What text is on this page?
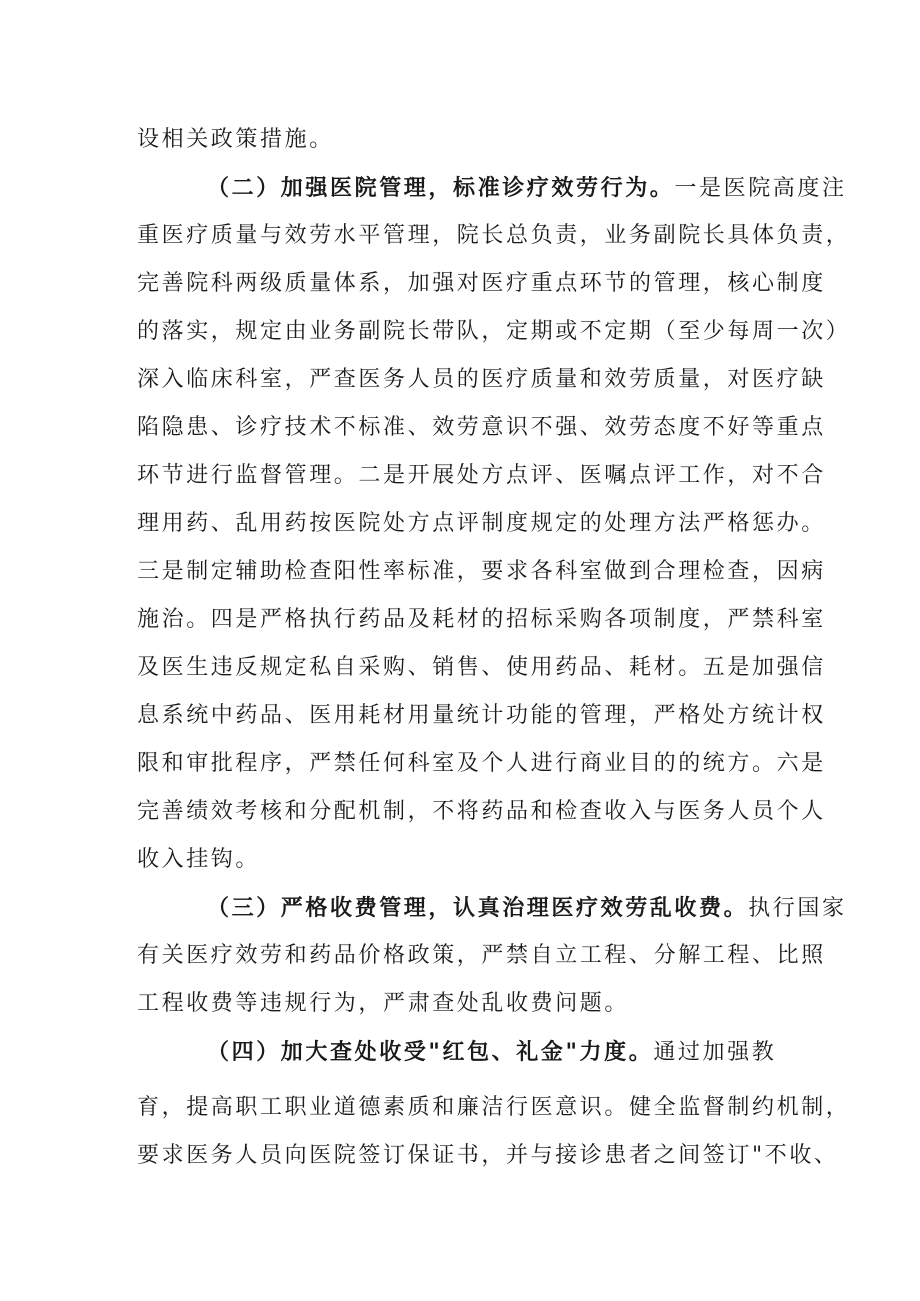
设相关政策措施。
（二）加强医院管理，标准诊疗效劳行为。一是医院高度注
重医疗质量与效劳水平管理，院长总负责，业务副院长具体负责，
完善院科两级质量体系，加强对医疗重点环节的管理，核心制度
的落实，规定由业务副院长带队，定期或不定期（至少每周一次）
深入临床科室，严查医务人员的医疗质量和效劳质量，对医疗缺
陷隐患、诊疗技术不标准、效劳意识不强、效劳态度不好等重点
环节进行监督管理。二是开展处方点评、医嘱点评工作，对不合
理用药、乱用药按医院处方点评制度规定的处理方法严格惩办。
三是制定辅助检查阳性率标准，要求各科室做到合理检查，因病
施治。四是严格执行药品及耗材的招标采购各项制度，严禁科室
及医生违反规定私自采购、销售、使用药品、耗材。五是加强信
息系统中药品、医用耗材用量统计功能的管理，严格处方统计权
限和审批程序，严禁任何科室及个人进行商业目的的统方。六是
完善绩效考核和分配机制，不将药品和检查收入与医务人员个人
收入挂钩。
（三）严格收费管理，认真治理医疗效劳乱收费。执行国家
有关医疗效劳和药品价格政策，严禁自立工程、分解工程、比照
工程收费等违规行为，严肃查处乱收费问题。
（四）加大查处收受"红包、礼金"力度。通过加强教
育，提高职工职业道德素质和廉洁行医意识。健全监督制约机制，
要求医务人员向医院签订保证书，并与接诊患者之间签订"不收、
